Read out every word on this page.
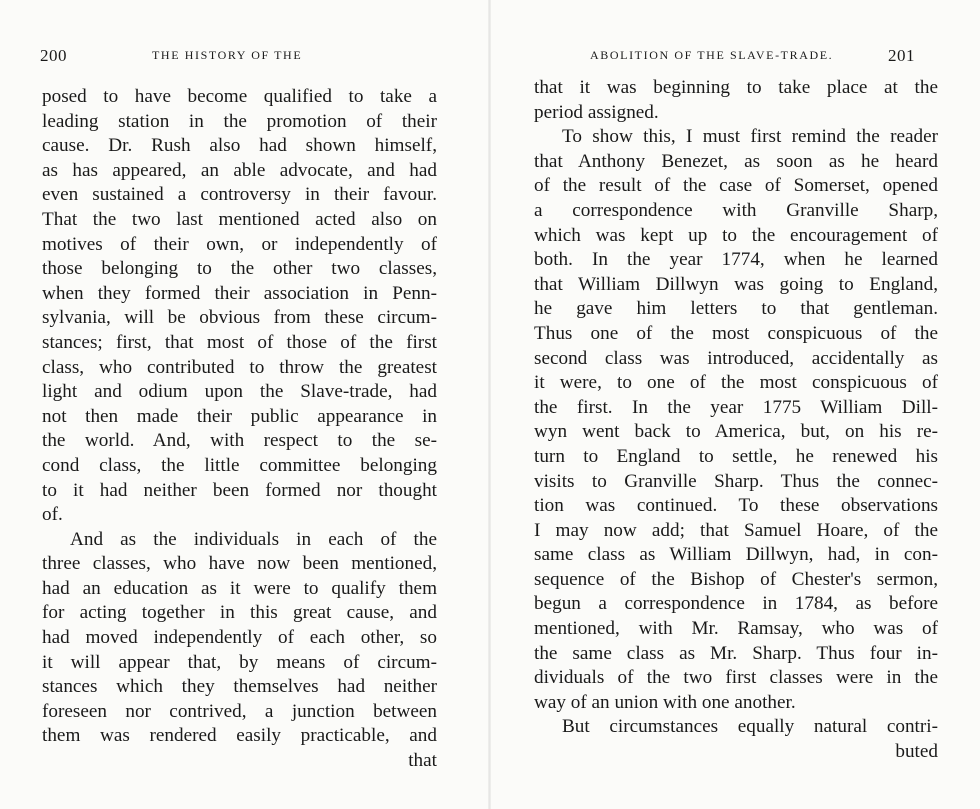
200	THE HISTORY OF THE
posed to have become qualified to take a
leading station in the promotion of their
cause. Dr. Rush also had shown himself,
as has appeared, an able advocate, and had
even sustained a controversy in their favour.
That the two last mentioned acted also on
motives of their own, or independently of
those belonging to the other two classes,
when they formed their association in Penn-
sylvania, will be obvious from these circum-
stances; first, that most of those of the first
class, who contributed to throw the greatest
light and odium upon the Slave-trade, had
not then made their public appearance in
the world. And, with respect to the se-
cond class, the little committee belonging
to it had neither been formed nor thought
of.
And as the individuals in each of the
three classes, who have now been mentioned,
had an education as it were to qualify them
for acting together in this great cause, and
had moved independently of each other, so
it will appear that, by means of circum-
stances which they themselves had neither
foreseen nor contrived, a junction between
them was rendered easily practicable, and
that
ABOLITION OF THE SLAVE-TRADE.	201
that it was beginning to take place at the
period assigned.
To show this, I must first remind the reader
that Anthony Benezet, as soon as he heard
of the result of the case of Somerset, opened
a correspondence with Granville Sharp,
which was kept up to the encouragement of
both. In the year 1774, when he learned
that William Dillwyn was going to England,
he gave him letters to that gentleman.
Thus one of the most conspicuous of the
second class was introduced, accidentally as
it were, to one of the most conspicuous of
the first. In the year 1775 William Dill-
wyn went back to America, but, on his re-
turn to England to settle, he renewed his
visits to Granville Sharp. Thus the connec-
tion was continued. To these observations
I may now add; that Samuel Hoare, of the
same class as William Dillwyn, had, in con-
sequence of the Bishop of Chester's sermon,
begun a correspondence in 1784, as before
mentioned, with Mr. Ramsay, who was of
the same class as Mr. Sharp. Thus four in-
dividuals of the two first classes were in the
way of an union with one another.
But circumstances equally natural contri-
buted
